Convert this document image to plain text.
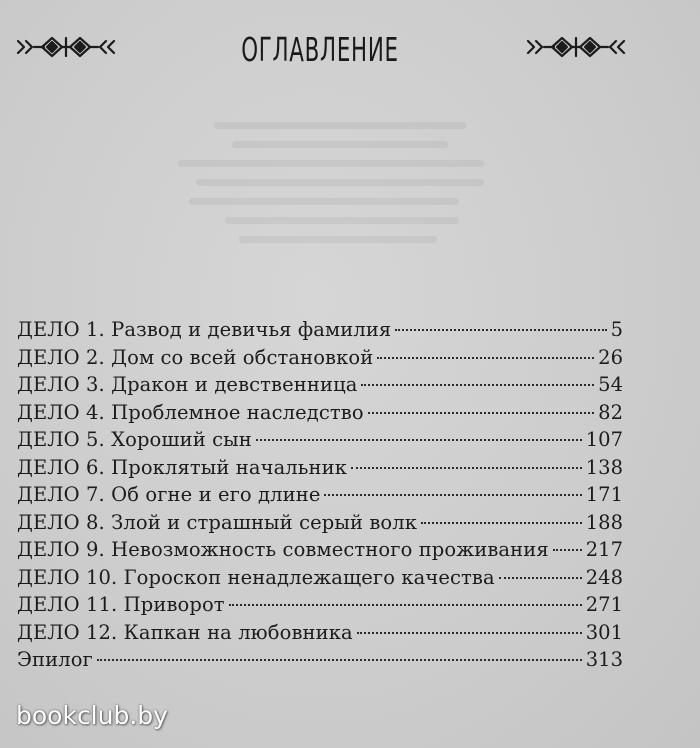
ОГЛАВЛЕНИЕ
ДЕЛО 1. Развод и девичья фамилия	5
ДЕЛО 2. Дом со всей обстановкой	26
ДЕЛО 3. Дракон и девственница	54
ДЕЛО 4. Проблемное наследство	82
ДЕЛО 5. Хороший сын	107
ДЕЛО 6. Проклятый начальник	138
ДЕЛО 7. Об огне и его длине	171
ДЕЛО 8. Злой и страшный серый волк	188
ДЕЛО 9. Невозможность совместного проживания 217
ДЕЛО 10. Гороскоп ненадлежащего качества	248
ДЕЛО 11. Приворот	271
ДЕЛО 12. Капкан на любовника	301
Эпилог	313
bookclub.by
